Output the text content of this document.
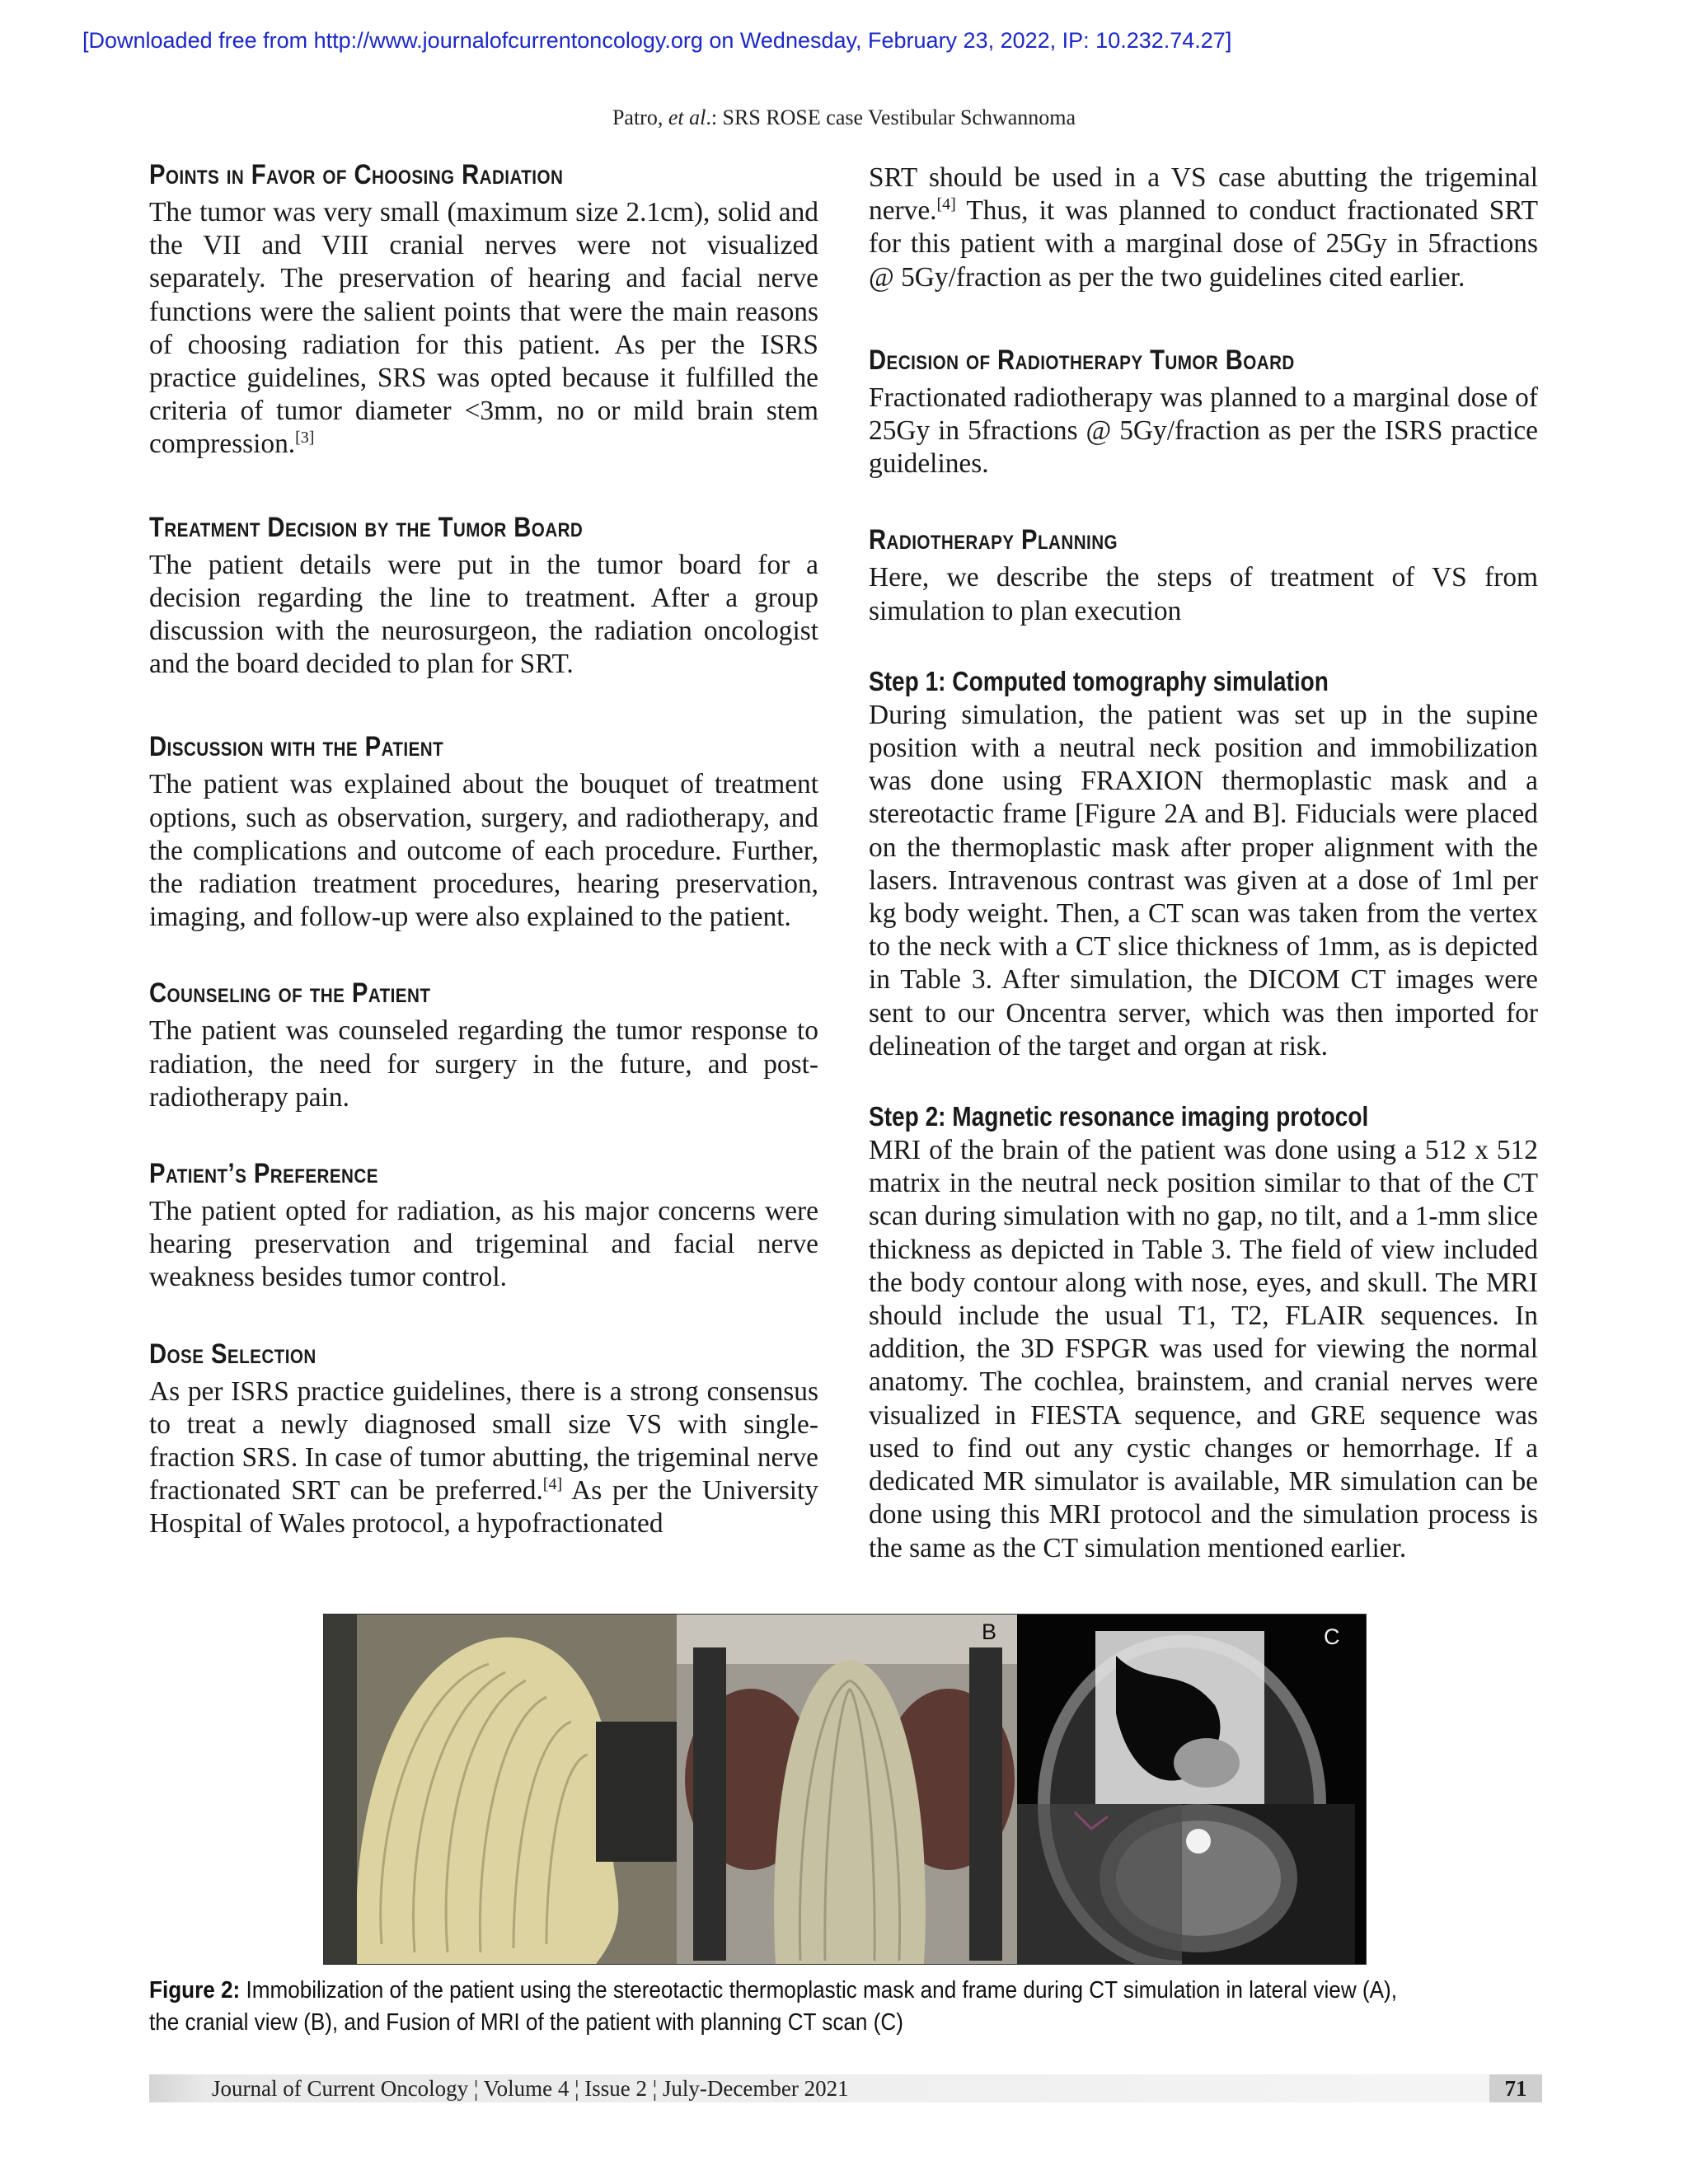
[Downloaded free from http://www.journalofcurrentoncology.org on Wednesday, February 23, 2022, IP: 10.232.74.27]
Patro, et al.: SRS ROSE case Vestibular Schwannoma
Points in Favor of Choosing Radiation

The tumor was very small (maximum size 2.1cm), solid and the VII and VIII cranial nerves were not visualized separately. The preservation of hearing and facial nerve functions were the salient points that were the main reasons of choosing radiation for this patient. As per the ISRS practice guidelines, SRS was opted because it fulfilled the criteria of tumor diameter <3mm, no or mild brain stem compression.[3]

Treatment Decision by the Tumor Board

The patient details were put in the tumor board for a decision regarding the line to treatment. After a group discussion with the neurosurgeon, the radiation oncologist and the board decided to plan for SRT.

Discussion with the Patient

The patient was explained about the bouquet of treatment options, such as observation, surgery, and radiotherapy, and the complications and outcome of each procedure. Further, the radiation treatment procedures, hearing preservation, imaging, and follow-up were also explained to the patient.

Counseling of the Patient

The patient was counseled regarding the tumor response to radiation, the need for surgery in the future, and post-radiotherapy pain.

Patient’s Preference

The patient opted for radiation, as his major concerns were hearing preservation and trigeminal and facial nerve weakness besides tumor control.

Dose Selection

As per ISRS practice guidelines, there is a strong consensus to treat a newly diagnosed small size VS with single-fraction SRS. In case of tumor abutting, the trigeminal nerve fractionated SRT can be preferred.[4] As per the University Hospital of Wales protocol, a hypofractionated

SRT should be used in a VS case abutting the trigeminal nerve.[4] Thus, it was planned to conduct fractionated SRT for this patient with a marginal dose of 25Gy in 5fractions @ 5Gy/fraction as per the two guidelines cited earlier.

Decision of Radiotherapy Tumor Board

Fractionated radiotherapy was planned to a marginal dose of 25Gy in 5fractions @ 5Gy/fraction as per the ISRS practice guidelines.

Radiotherapy Planning

Here, we describe the steps of treatment of VS from simulation to plan execution

Step 1: Computed tomography simulation

During simulation, the patient was set up in the supine position with a neutral neck position and immobilization was done using FRAXION thermoplastic mask and a stereotactic frame [Figure 2A and B]. Fiducials were placed on the thermoplastic mask after proper alignment with the lasers. Intravenous contrast was given at a dose of 1ml per kg body weight. Then, a CT scan was taken from the vertex to the neck with a CT slice thickness of 1mm, as is depicted in Table 3. After simulation, the DICOM CT images were sent to our Oncentra server, which was then imported for delineation of the target and organ at risk.

Step 2: Magnetic resonance imaging protocol

MRI of the brain of the patient was done using a 512 x 512 matrix in the neutral neck position similar to that of the CT scan during simulation with no gap, no tilt, and a 1-mm slice thickness as depicted in Table 3. The field of view included the body contour along with nose, eyes, and skull. The MRI should include the usual T1, T2, FLAIR sequences. In addition, the 3D FSPGR was used for viewing the normal anatomy. The cochlea, brainstem, and cranial nerves were visualized in FIESTA sequence, and GRE sequence was used to find out any cystic changes or hemorrhage. If a dedicated MR simulator is available, MR simulation can be done using this MRI protocol and the simulation process is the same as the CT simulation mentioned earlier.

B	C
Figure 2: Immobilization of the patient using the stereotactic thermoplastic mask and frame during CT simulation in lateral view (A), the cranial view (B), and Fusion of MRI of the patient with planning CT scan (C)
Journal of Current Oncology ¦ Volume 4 ¦ Issue 2 ¦ July-December 2021	71
